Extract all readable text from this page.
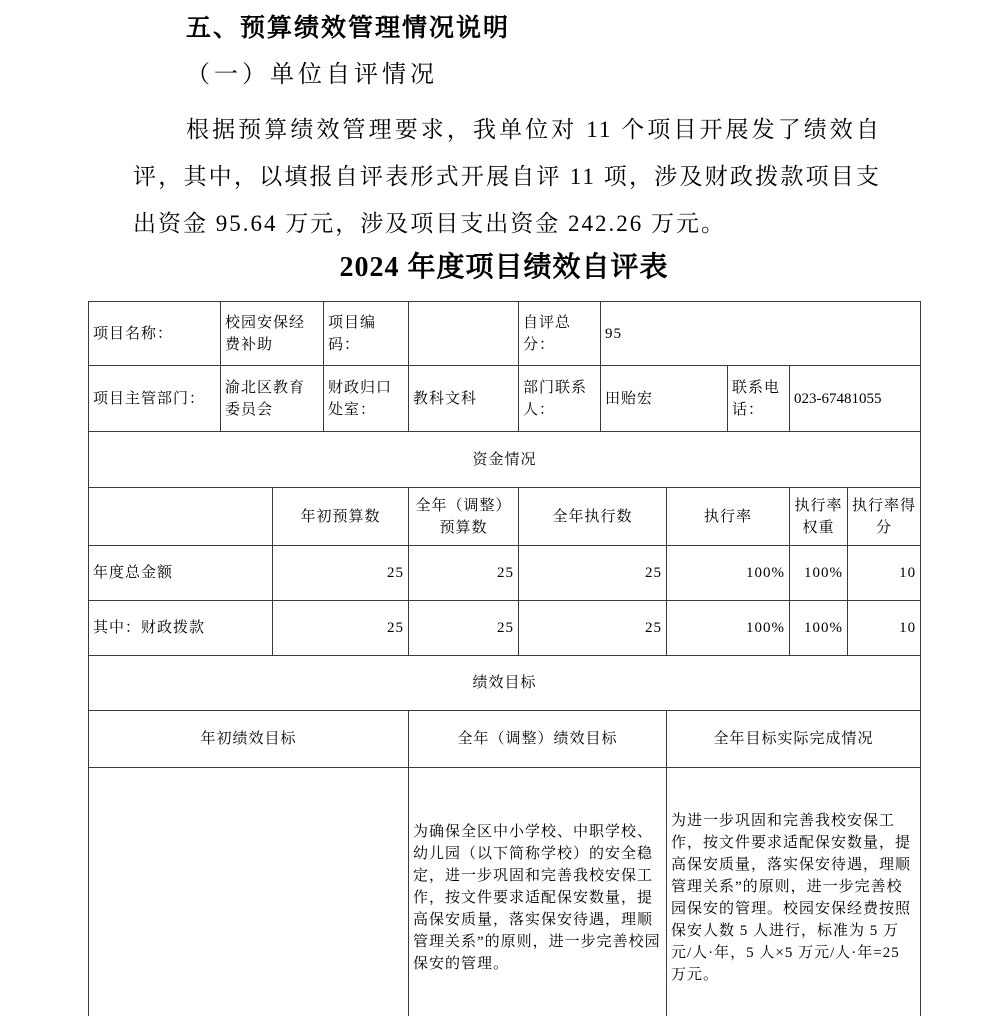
五、预算绩效管理情况说明
（一）单位自评情况
根据预算绩效管理要求，我单位对 11 个项目开展发了绩效自评，其中，以填报自评表形式开展自评 11 项，涉及财政拨款项目支出资金 95.64 万元，涉及项目支出资金 242.26 万元。
2024 年度项目绩效自评表
项目名称：	校园安保经费补助		项目编码：		自评总分：	95				
项目主管部门：	渝北区教育委员会		财政归口处室：	教科文科	部门联系人：	田贻宏		联系电话：	023-67481055	
资金情况										
		年初预算数		全年（调整）预算数	全年执行数		执行率		执行率权重	执行率得分
年度总金额		25		25	25		100%		100%	10
其中：财政拨款		25		25	25		100%		100%	10
绩效目标										
年初绩效目标				全年（调整）绩效目标			全年目标实际完成情况			
				为确保全区中小学校、中职学校、幼儿园（以下简称学校）的安全稳定，进一步巩固和完善我校安保工作，按文件要求适配保安数量，提高保安质量，落实保安待遇，理顺管理关系”的原则，进一步完善校园保安的管理。			为进一步巩固和完善我校安保工作，按文件要求适配保安数量，提高保安质量，落实保安待遇，理顺管理关系”的原则，进一步完善校园保安的管理。校园安保经费按照保安人数 5 人进行，标准为 5 万元/人·年，5 人×5 万元/人·年=25 万元。			
